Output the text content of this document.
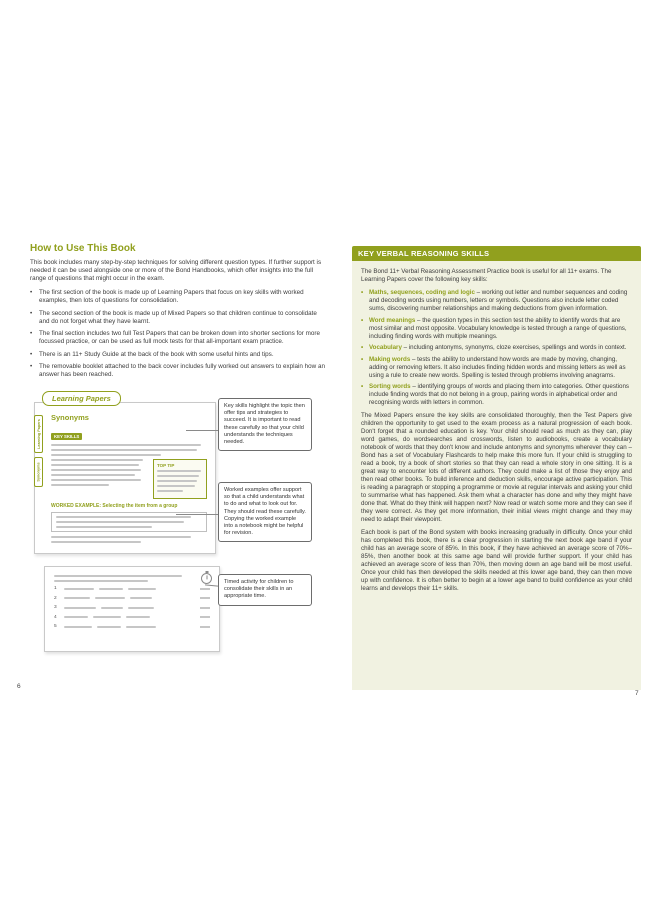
How to Use This Book
This book includes many step-by-step techniques for solving different question types. If further support is needed it can be used alongside one or more of the Bond Handbooks, which offer insights into the full range of questions that might occur in the exam.
•	The first section of the book is made up of Learning Papers that focus on key skills with worked examples, then lots of questions for consolidation.
•	The second section of the book is made up of Mixed Papers so that children continue to consolidate and do not forget what they have learnt.
•	The final section includes two full Test Papers that can be broken down into shorter sections for more focussed practice, or can be used as full mock tests for that all-important exam practice.
•	There is an 11+ Study Guide at the back of the book with some useful hints and tips.
•	The removable booklet attached to the back cover includes fully worked out answers to explain how an answer has been reached.
Learning Papers
Learning Papers
Synonyms
Synonyms
KEY SKILLS
TOP TIP
WORKED EXAMPLE: Selecting the item from a group
1
2
3
4
5
Key skills highlight the topic then offer tips and strategies to succeed. It is important to read these carefully so that your child understands the techniques needed.
Worked examples offer support so that a child understands what to do and what to look out for. They should read these carefully. Copying the worked example into a notebook might be helpful for revision.
Timed activity for children to consolidate their skills in an appropriate time.
6
KEY VERBAL REASONING SKILLS
The Bond 11+ Verbal Reasoning Assessment Practice book is useful for all 11+ exams. The Learning Papers cover the following key skills:
• Maths, sequences, coding and logic – working out letter and number sequences and coding and decoding words using numbers, letters or symbols. Questions also include letter coded sums, discovering number relationships and making deductions from given information.
• Word meanings – the question types in this section test the ability to identify words that are most similar and most opposite. Vocabulary knowledge is tested through a range of questions, including finding words with multiple meanings.
• Vocabulary – including antonyms, synonyms, cloze exercises, spellings and words in context.
• Making words – tests the ability to understand how words are made by moving, changing, adding or removing letters. It also includes finding hidden words and missing letters as well as using a rule to create new words. Spelling is tested through problems involving anagrams.
• Sorting words – identifying groups of words and placing them into categories. Other questions include finding words that do not belong in a group, pairing words in alphabetical order and recognising words with letters in common.
The Mixed Papers ensure the key skills are consolidated thoroughly, then the Test Papers give children the opportunity to get used to the exam process as a natural progression of each book. Don't forget that a rounded education is key. Your child should read as much as they can, play word games, do wordsearches and crosswords, listen to audiobooks, create a vocabulary notebook of words that they don't know and include antonyms and synonyms wherever they can – Bond has a set of Vocabulary Flashcards to help make this more fun. If your child is struggling to read a book, try a book of short stories so that they can read a whole story in one sitting. It is a great way to encounter lots of different authors. They could make a list of those they enjoy and then read other books. To build inference and deduction skills, encourage active participation. This is reading a paragraph or stopping a programme or movie at regular intervals and asking your child to summarise what has happened. Ask them what a character has done and why they might have done that. What do they think will happen next? Now read or watch some more and they can see if they were correct. As they get more information, their initial views might change and they may need to adapt their viewpoint.
Each book is part of the Bond system with books increasing gradually in difficulty. Once your child has completed this book, there is a clear progression in starting the next book age band if your child has an average score of 85%. In this book, if they have achieved an average score of 70%–85%, then another book at this same age band will provide further support. If your child has achieved an average score of less than 70%, then moving down an age band will be most useful. Once your child has then developed the skills needed at this lower age band, they can then move up with confidence. It is often better to begin at a lower age band to build confidence as your child learns and develops their 11+ skills.
7
